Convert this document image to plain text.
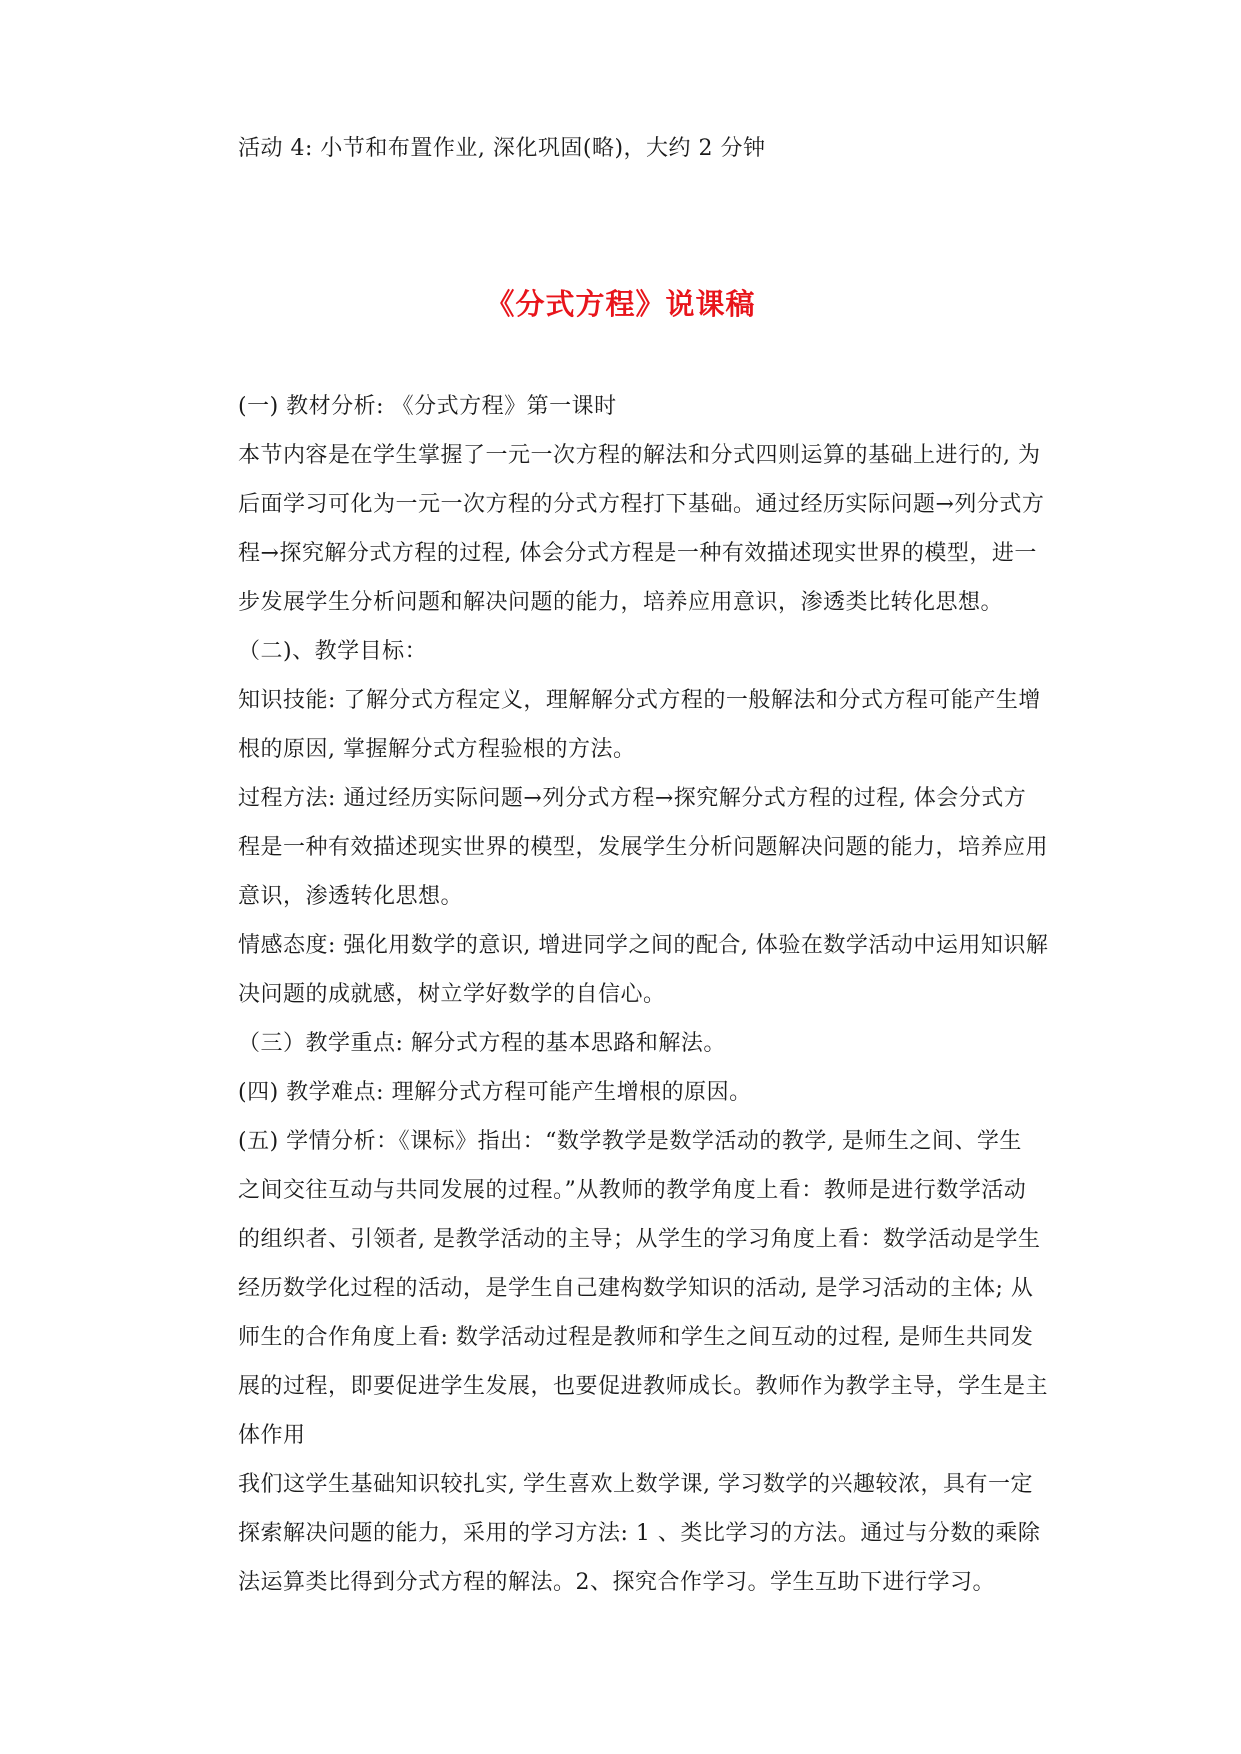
活动 4: 小节和布置作业, 深化巩固(略)，大约 2 分钟
《分式方程》说课稿
(一) 教材分析: 《分式方程》第一课时
本节内容是在学生掌握了一元一次方程的解法和分式四则运算的基础上进行的, 为
后面学习可化为一元一次方程的分式方程打下基础。通过经历实际问题→列分式方
程→探究解分式方程的过程, 体会分式方程是一种有效描述现实世界的模型，进一
步发展学生分析问题和解决问题的能力，培养应用意识，渗透类比转化思想。
（二)、教学目标：
知识技能: 了解分式方程定义，理解解分式方程的一般解法和分式方程可能产生增
根的原因, 掌握解分式方程验根的方法。
过程方法: 通过经历实际问题→列分式方程→探究解分式方程的过程, 体会分式方
程是一种有效描述现实世界的模型，发展学生分析问题解决问题的能力，培养应用
意识，渗透转化思想。
情感态度: 强化用数学的意识, 增进同学之间的配合, 体验在数学活动中运用知识解
决问题的成就感，树立学好数学的自信心。
（三）教学重点: 解分式方程的基本思路和解法。
(四) 教学难点: 理解分式方程可能产生增根的原因。
(五) 学情分析：《课标》指出：“数学教学是数学活动的教学, 是师生之间、学生
之间交往互动与共同发展的过程。”从教师的教学角度上看：教师是进行数学活动
的组织者、引领者, 是教学活动的主导；从学生的学习角度上看：数学活动是学生
经历数学化过程的活动，是学生自己建构数学知识的活动, 是学习活动的主体; 从
师生的合作角度上看: 数学活动过程是教师和学生之间互动的过程, 是师生共同发
展的过程，即要促进学生发展，也要促进教师成长。教师作为教学主导，学生是主
体作用
我们这学生基础知识较扎实, 学生喜欢上数学课, 学习数学的兴趣较浓，具有一定
探索解决问题的能力，采用的学习方法: 1 、类比学习的方法。通过与分数的乘除
法运算类比得到分式方程的解法。2、探究合作学习。学生互助下进行学习。
